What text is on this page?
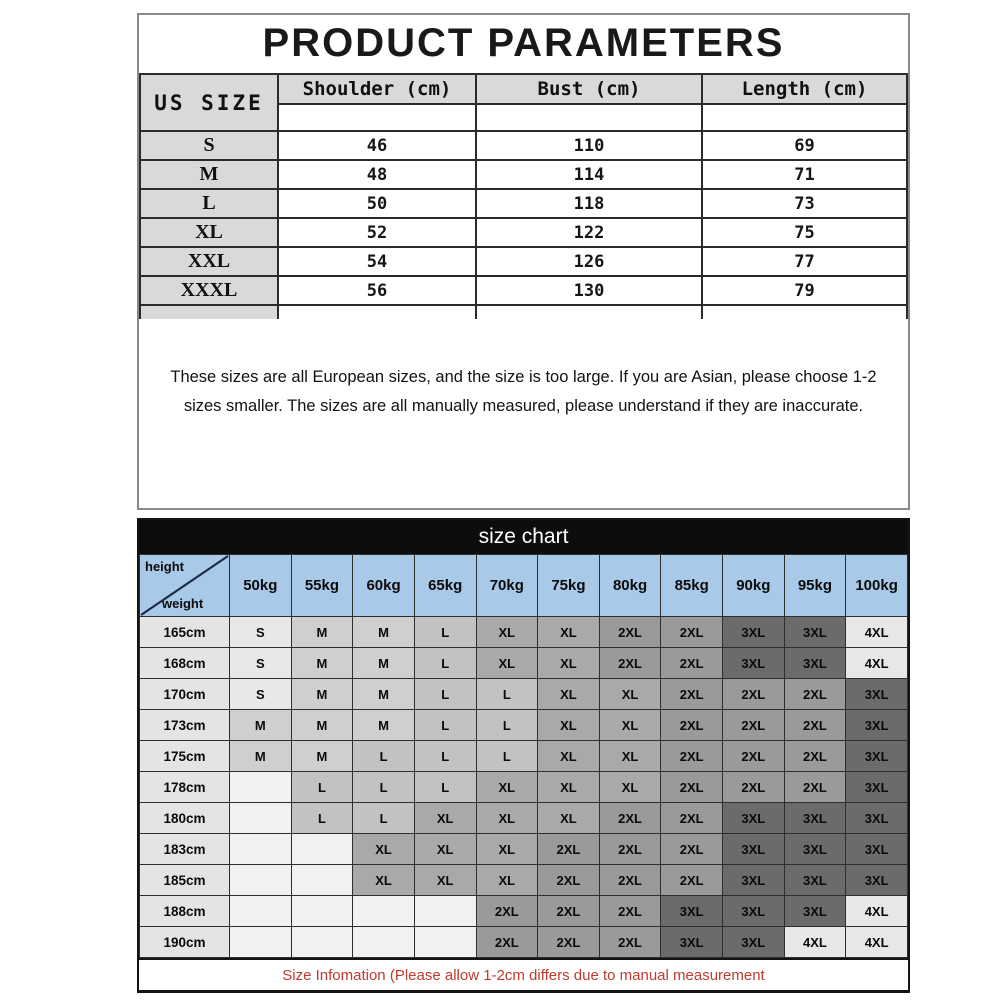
PRODUCT PARAMETERS
US SIZE	Shoulder (cm)	Bust (cm)	Length (cm)

S	46	110	69
M	48	114	71
L	50	118	73
XL	52	122	75
XXL	54	126	77
XXXL	56	130	79

These sizes are all European sizes, and the size is too large. If you are Asian, please choose 1-2 sizes smaller. The sizes are all manually measured, please understand if they are inaccurate.
size chart
height
weight	50kg	55kg	60kg	65kg	70kg	75kg	80kg	85kg	90kg	95kg	100kg
165cm	S	M	M	L	XL	XL	2XL	2XL	3XL	3XL	4XL
168cm	S	M	M	L	XL	XL	2XL	2XL	3XL	3XL	4XL
170cm	S	M	M	L	L	XL	XL	2XL	2XL	2XL	3XL
173cm	M	M	M	L	L	XL	XL	2XL	2XL	2XL	3XL
175cm	M	M	L	L	L	XL	XL	2XL	2XL	2XL	3XL
178cm		L	L	L	XL	XL	XL	2XL	2XL	2XL	3XL
180cm		L	L	XL	XL	XL	2XL	2XL	3XL	3XL	3XL
183cm			XL	XL	XL	2XL	2XL	2XL	3XL	3XL	3XL
185cm			XL	XL	XL	2XL	2XL	2XL	3XL	3XL	3XL
188cm					2XL	2XL	2XL	3XL	3XL	3XL	4XL
190cm					2XL	2XL	2XL	3XL	3XL	4XL	4XL
Size Infomation (Please allow 1-2cm differs due to manual measurement
